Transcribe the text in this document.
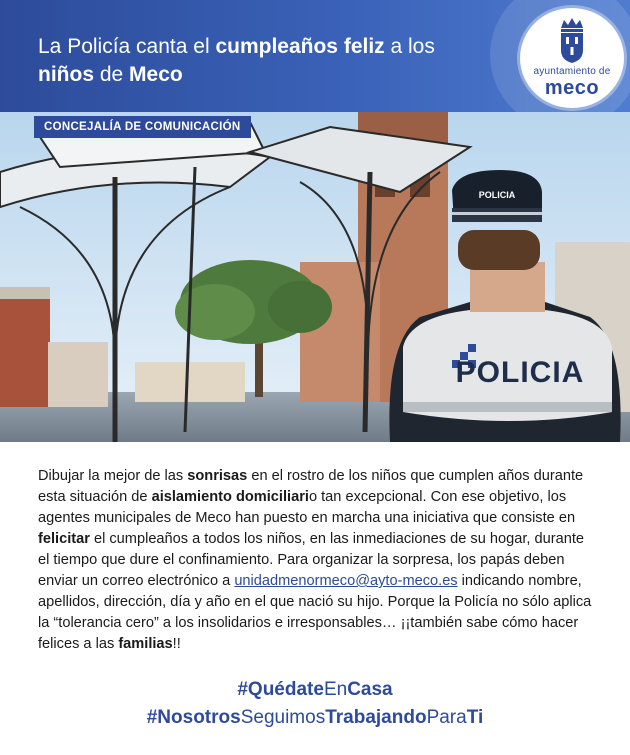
La Policía canta el cumpleaños feliz a los
niños de Meco	ayuntamiento de
meco
POLICIA
POLICIA
CONCEJALÍA DE COMUNICACIÓN
Dibujar la mejor de las sonrisas en el rostro de los niños que cumplen años durante esta situación de aislamiento domiciliario tan excepcional. Con ese objetivo, los agentes municipales de Meco han puesto en marcha una iniciativa que consiste en felicitar el cumpleaños a todos los niños, en las inmediaciones de su hogar, durante el tiempo que dure el confinamiento. Para organizar la sorpresa, los papás deben enviar un correo electrónico a unidadmenormeco@ayto-meco.es indicando nombre, apellidos, dirección, día y año en el que nació su hijo. Porque la Policía no sólo aplica la “tolerancia cero” a los insolidarios e irresponsables… ¡¡también sabe cómo hacer felices a las familias!!
#QuédateEnCasa
#NosotrosSeguimosTrabajandoParaTi
